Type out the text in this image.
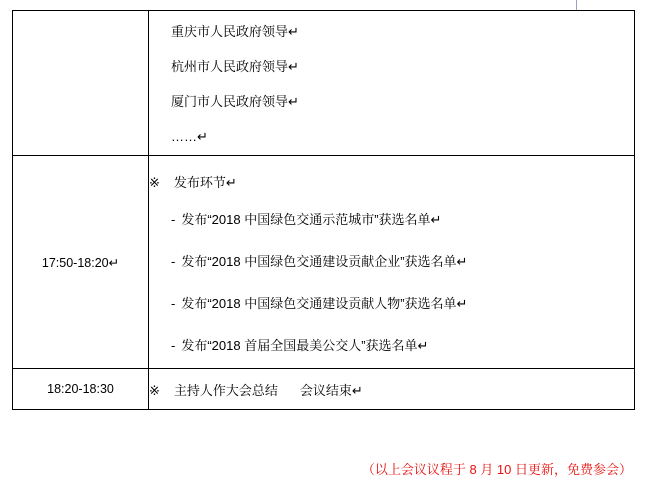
	重庆市人民政府领导↵
杭州市人民政府领导↵
厦门市人民政府领导↵
……↵

17:50-18:20↵	※ 发布环节↵
- 发布“2018 中国绿色交通示范城市”获选名单↵
- 发布“2018 中国绿色交通建设贡献企业”获选名单↵
- 发布“2018 中国绿色交通建设贡献人物”获选名单↵
- 发布“2018 首届全国最美公交人”获选名单↵

18:20-18:30	※ 主持人作大会总结 会议结束↵
（以上会议议程于 8 月 10 日更新，免费参会）
